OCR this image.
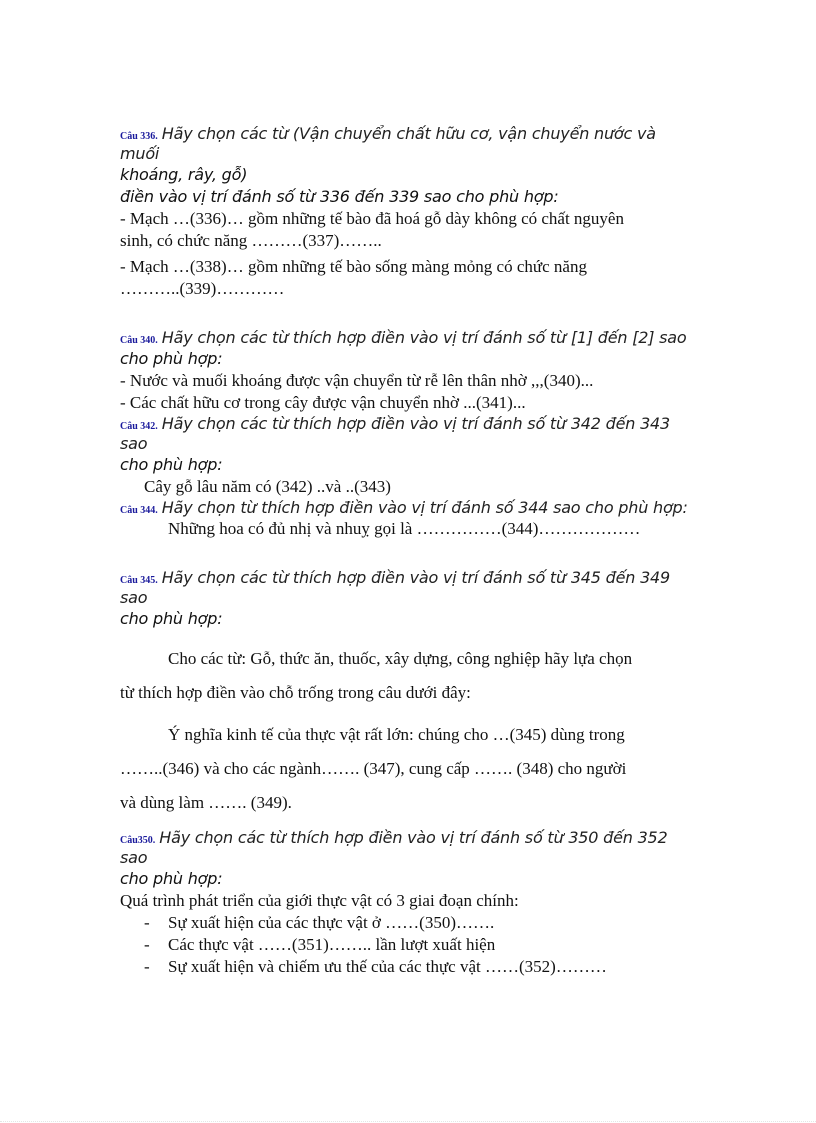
Câu 336. Hãy chọn các từ (Vận chuyển chất hữu cơ, vận chuyển nước và muối

khoáng, rây, gỗ)

điền vào vị trí đánh số từ 336 đến 339 sao cho phù hợp:

- Mạch …(336)… gồm những tế bào đã hoá gỗ dày không có chất nguyên

sinh, có chức năng ………(337)……..

- Mạch …(338)… gồm những tế bào sống màng mỏng có chức năng

………..(339)…………

Câu 340. Hãy chọn các từ thích hợp điền vào vị trí đánh số từ [1] đến [2] sao

cho phù hợp:

- Nước và muối khoáng được vận chuyển từ rễ lên thân nhờ ,,,(340)...

- Các chất hữu cơ trong cây được vận chuyển nhờ ...(341)...

Câu 342. Hãy chọn các từ thích hợp điền vào vị trí đánh số từ 342 đến 343 sao

cho phù hợp:

Cây gỗ lâu năm có (342) ..và ..(343)

Câu 344. Hãy chọn từ thích hợp điền vào vị trí đánh số 344 sao cho phù hợp:

Những hoa có đủ nhị và nhuỵ gọi là ……………(344)………………

Câu 345. Hãy chọn các từ thích hợp điền vào vị trí đánh số từ 345 đến 349 sao

cho phù hợp:

Cho các từ: Gỗ, thức ăn, thuốc, xây dựng, công nghiệp hãy lựa chọn
từ thích hợp điền vào chỗ trống trong câu dưới đây:

Ý nghĩa kinh tế của thực vật rất lớn: chúng cho …(345) dùng trong
……..(346) và cho các ngành……. (347), cung cấp ……. (348) cho người
và dùng làm ……. (349).

Câu350. Hãy chọn các từ thích hợp điền vào vị trí đánh số từ 350 đến 352 sao

cho phù hợp:

Quá trình phát triển của giới thực vật có 3 giai đoạn chính:

- Sự xuất hiện của các thực vật ở ……(350)…….
- Các thực vật ……(351)…….. lần lượt xuất hiện
- Sự xuất hiện và chiếm ưu thế của các thực vật ……(352)………
